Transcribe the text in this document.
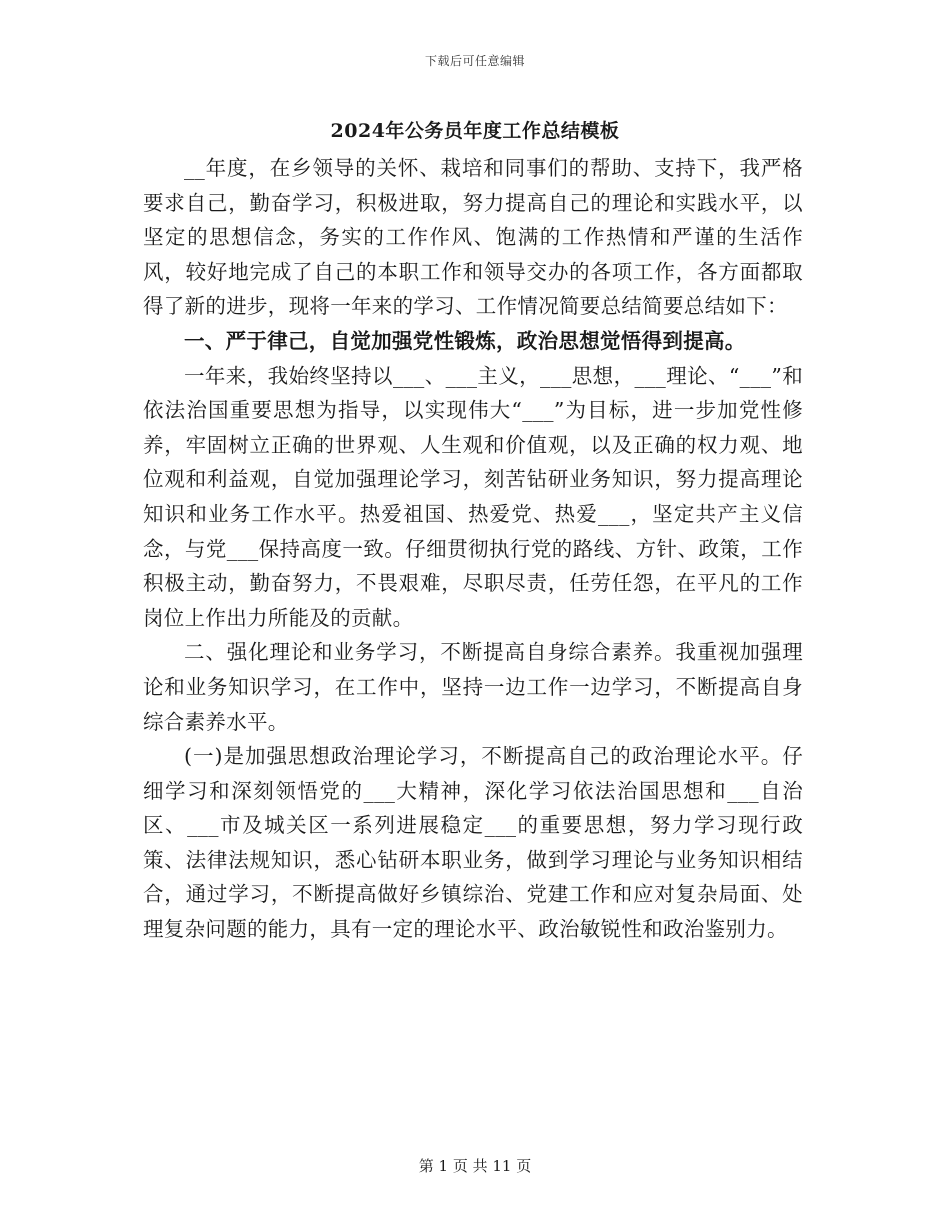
下载后可任意编辑
2024年公务员年度工作总结模板

__年度，在乡领导的关怀、栽培和同事们的帮助、支持下，我严格要求自己，勤奋学习，积极进取，努力提高自己的理论和实践水平，以坚定的思想信念，务实的工作作风、饱满的工作热情和严谨的生活作风，较好地完成了自己的本职工作和领导交办的各项工作，各方面都取得了新的进步，现将一年来的学习、工作情况简要总结简要总结如下：

一、严于律己，自觉加强党性锻炼，政治思想觉悟得到提高。

一年来，我始终坚持以___、___主义，___思想，___理论、“___”和依法治国重要思想为指导，以实现伟大“___”为目标，进一步加党性修养，牢固树立正确的世界观、人生观和价值观，以及正确的权力观、地位观和利益观，自觉加强理论学习，刻苦钻研业务知识，努力提高理论知识和业务工作水平。热爱祖国、热爱党、热爱___，坚定共产主义信念，与党___保持高度一致。仔细贯彻执行党的路线、方针、政策，工作积极主动，勤奋努力，不畏艰难，尽职尽责，任劳任怨，在平凡的工作岗位上作出力所能及的贡献。

二、强化理论和业务学习，不断提高自身综合素养。我重视加强理论和业务知识学习，在工作中，坚持一边工作一边学习，不断提高自身综合素养水平。

(一)是加强思想政治理论学习，不断提高自己的政治理论水平。仔细学习和深刻领悟党的___大精神，深化学习依法治国思想和___自治区、___市及城关区一系列进展稳定___的重要思想，努力学习现行政策、法律法规知识，悉心钻研本职业务，做到学习理论与业务知识相结合，通过学习，不断提高做好乡镇综治、党建工作和应对复杂局面、处理复杂问题的能力，具有一定的理论水平、政治敏锐性和政治鉴别力。

第 1 页 共 11 页
